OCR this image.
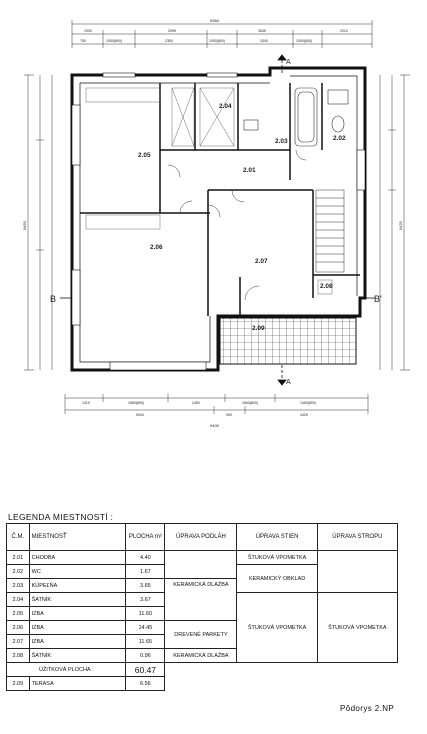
9384
1900	2995	3545	2010
750	1050(800)	2350	1050(800)	3340	1050(800)
9450	9425
1310	1650(800)	2450	1650(800)	1050(800)
5040	990	4425
9405
A
A
B	B'
2.01
2.02
2.03
2.04
2.05
2.06
2.07
2.08
2.09
LEGENDA MIESTNOSTÍ :
Č.M.	MIESTNOSŤ	PLOCHA m²	ÚPRAVA PODLÁH	ÚPRAVA STIEN	ÚPRAVA STROPU
2.01	CHODBA	4.40		ŠTUKOVÁ VPOMETKA	
2.02	WC	1.67		KERAMICKÝ OBKLAD	
2.03	KÚPEĽŇA	3.65	KERAMICKÁ DLAŽBA		
2.04	ŠATNÍK	3.67		ŠTUKOVÁ VPOMETKA	ŠTUKOVÁ VPOMETKA
2.05	IZBA	11.60			
2.06	IZBA	14.45	DREVENÉ PARKETY		
2.07	IZBA	11.65			
2.08	ŠATNÍK	0.96	KERAMICKÁ DLAŽBA		
ÚŽITKOVÁ PLOCHA :		60.47			
2.09	TERASA	6.56			
Pôdorys 2.NP
